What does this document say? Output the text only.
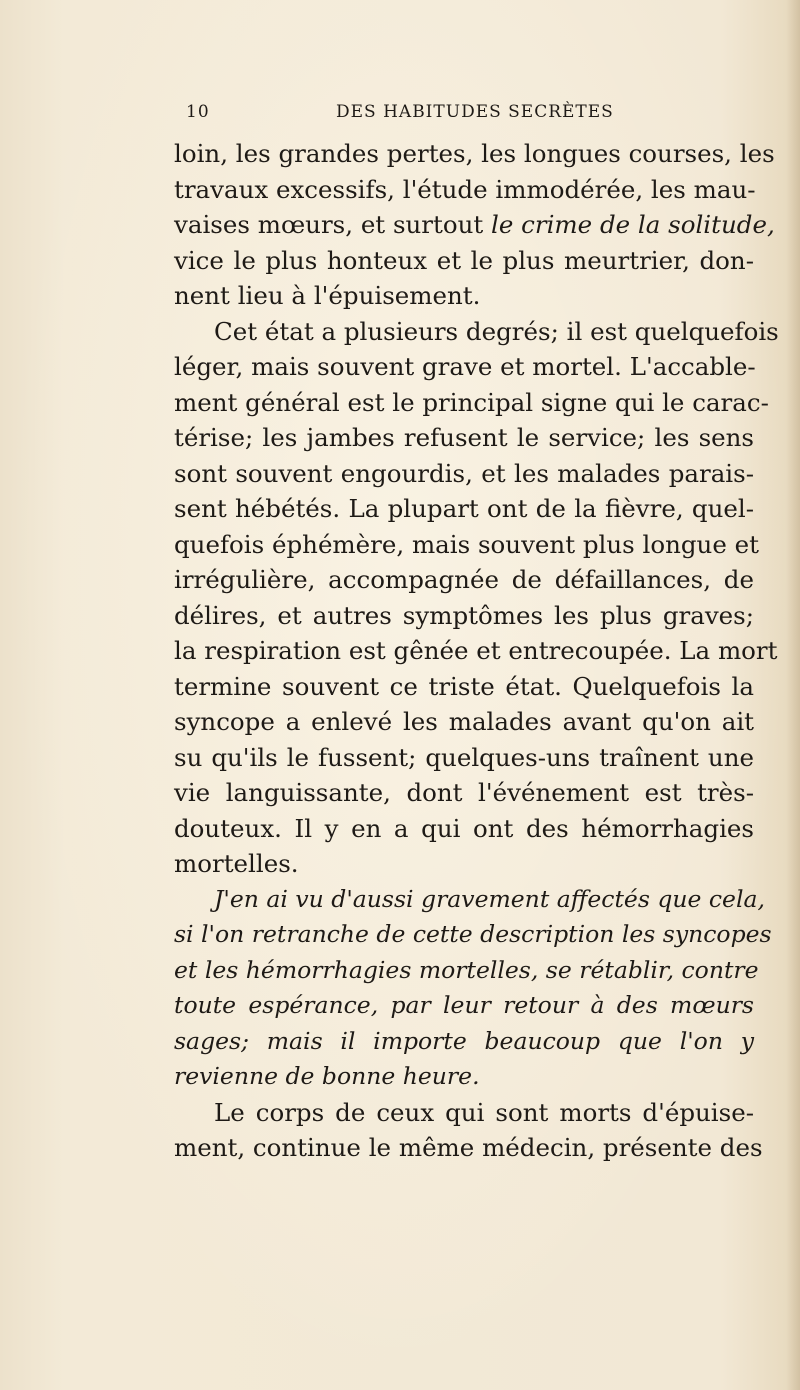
10	DES HABITUDES SECRÈTES
loin, les grandes pertes, les longues courses, les
travaux excessifs, l'étude immodérée, les mau-
vaises mœurs, et surtout le crime de la solitude,
vice le plus honteux et le plus meurtrier, don-
nent lieu à l'épuisement.
Cet état a plusieurs degrés; il est quelquefois
léger, mais souvent grave et mortel. L'accable-
ment général est le principal signe qui le carac-
térise; les jambes refusent le service; les sens
sont souvent engourdis, et les malades parais-
sent hébétés. La plupart ont de la fièvre, quel-
quefois éphémère, mais souvent plus longue et
irrégulière, accompagnée de défaillances, de
délires, et autres symptômes les plus graves;
la respiration est gênée et entrecoupée. La mort
termine souvent ce triste état. Quelquefois la
syncope a enlevé les malades avant qu'on ait
su qu'ils le fussent; quelques-uns traînent une
vie languissante, dont l'événement est très-
douteux. Il y en a qui ont des hémorrhagies
mortelles.
J'en ai vu d'aussi gravement affectés que cela,
si l'on retranche de cette description les syncopes
et les hémorrhagies mortelles, se rétablir, contre
toute espérance, par leur retour à des mœurs
sages; mais il importe beaucoup que l'on y
revienne de bonne heure.
Le corps de ceux qui sont morts d'épuise-
ment, continue le même médecin, présente des
